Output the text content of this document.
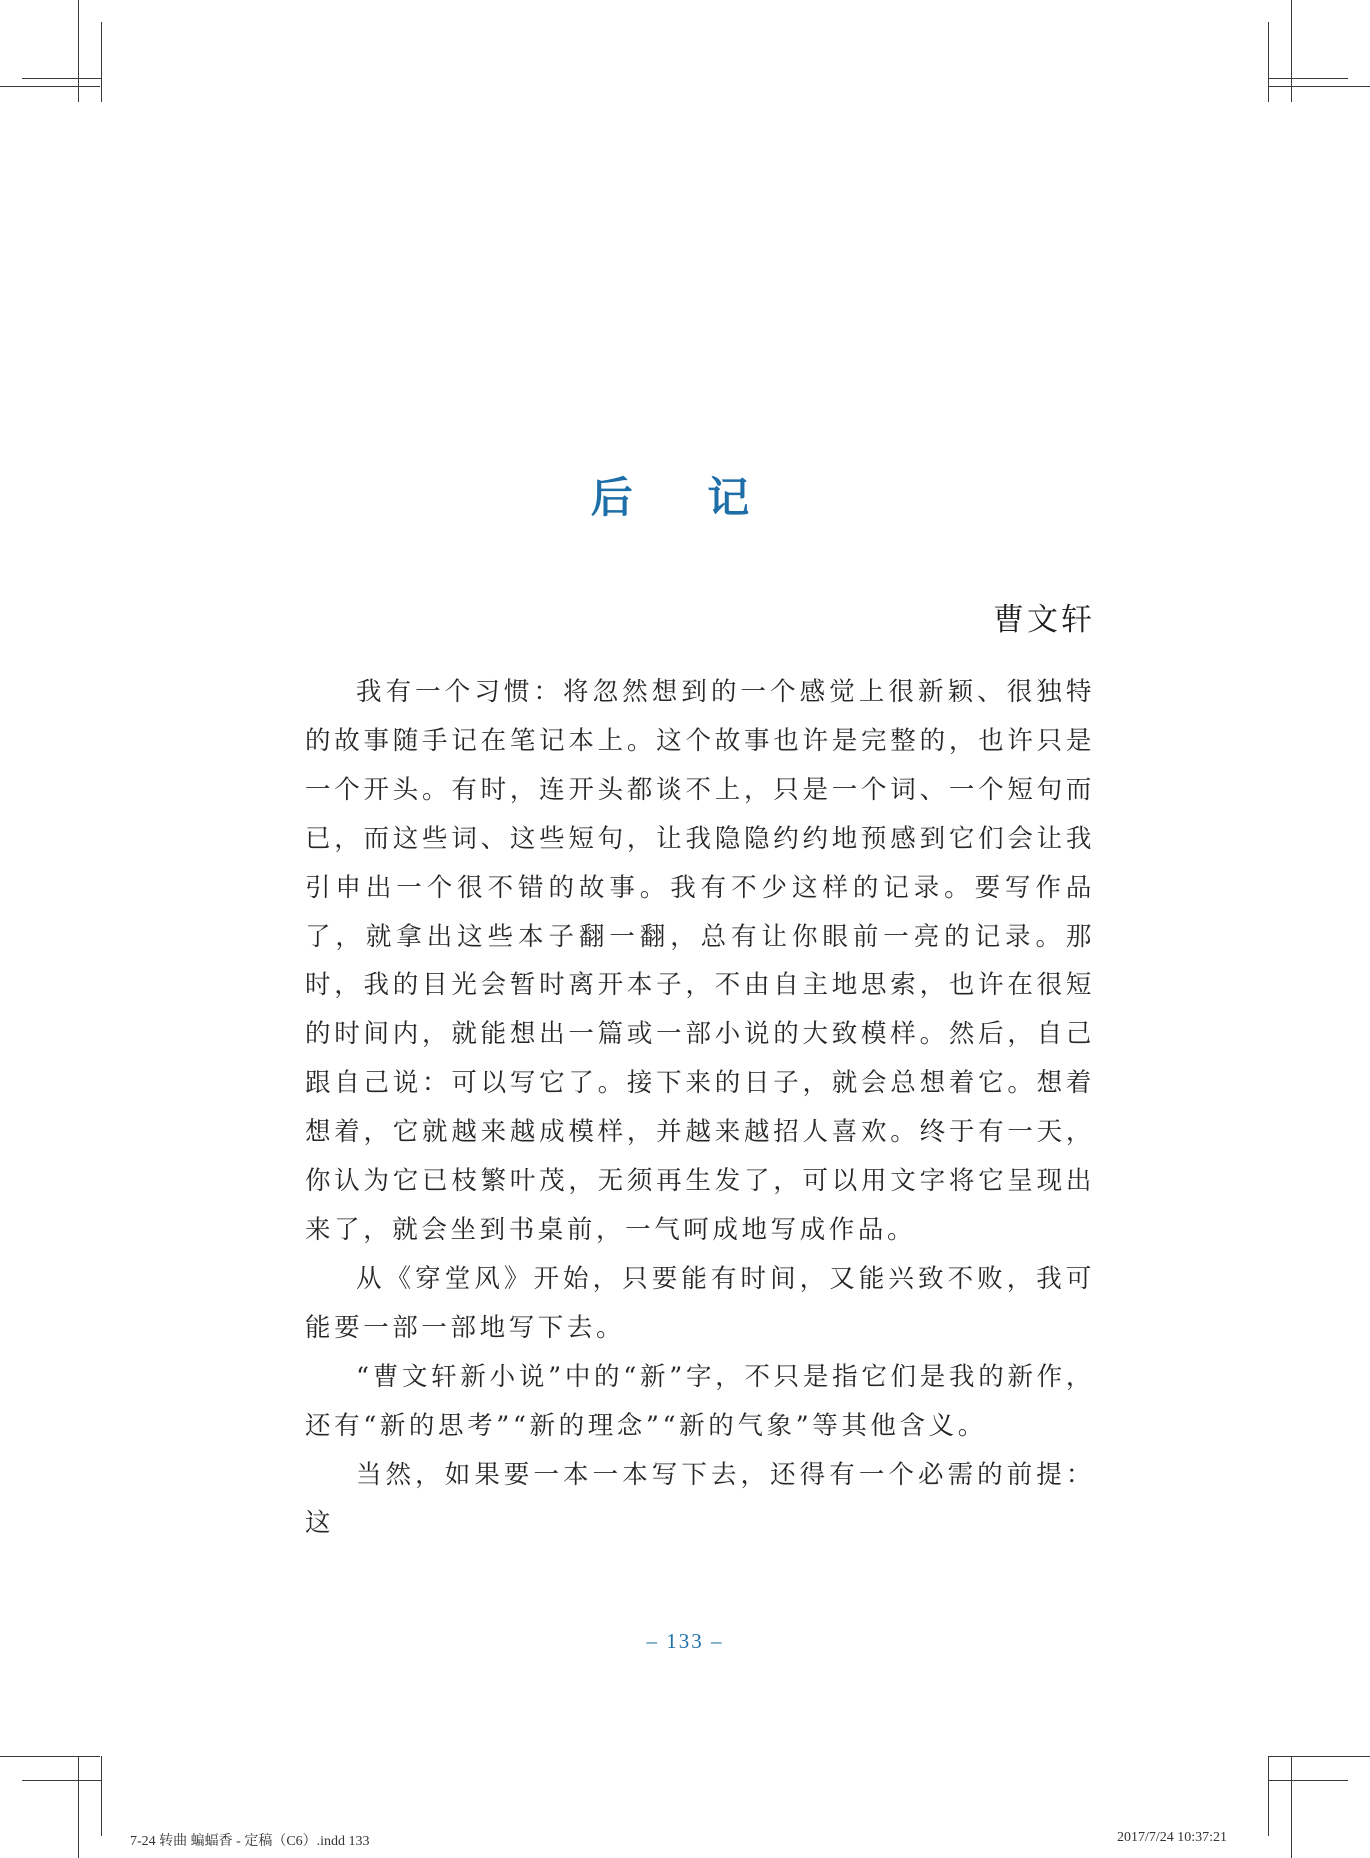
后 记
曹文轩

我有一个习惯：将忽然想到的一个感觉上很新颖、很独特的故事随手记在笔记本上。这个故事也许是完整的，也许只是一个开头。有时，连开头都谈不上，只是一个词、一个短句而已，而这些词、这些短句，让我隐隐约约地预感到它们会让我引申出一个很不错的故事。我有不少这样的记录。要写作品了，就拿出这些本子翻一翻，总有让你眼前一亮的记录。那时，我的目光会暂时离开本子，不由自主地思索，也许在很短的时间内，就能想出一篇或一部小说的大致模样。然后，自己跟自己说：可以写它了。接下来的日子，就会总想着它。想着想着，它就越来越成模样，并越来越招人喜欢。终于有一天，你认为它已枝繁叶茂，无须再生发了，可以用文字将它呈现出来了，就会坐到书桌前，一气呵成地写成作品。

从《穿堂风》开始，只要能有时间，又能兴致不败，我可能要一部一部地写下去。

“曹文轩新小说”中的“新”字，不只是指它们是我的新作，还有“新的思考”“新的理念”“新的气象”等其他含义。

当然，如果要一本一本写下去，还得有一个必需的前提：这

– 133 –
7-24 转曲 蝙蝠香 - 定稿（C6）.indd 133	2017/7/24 10:37:21
